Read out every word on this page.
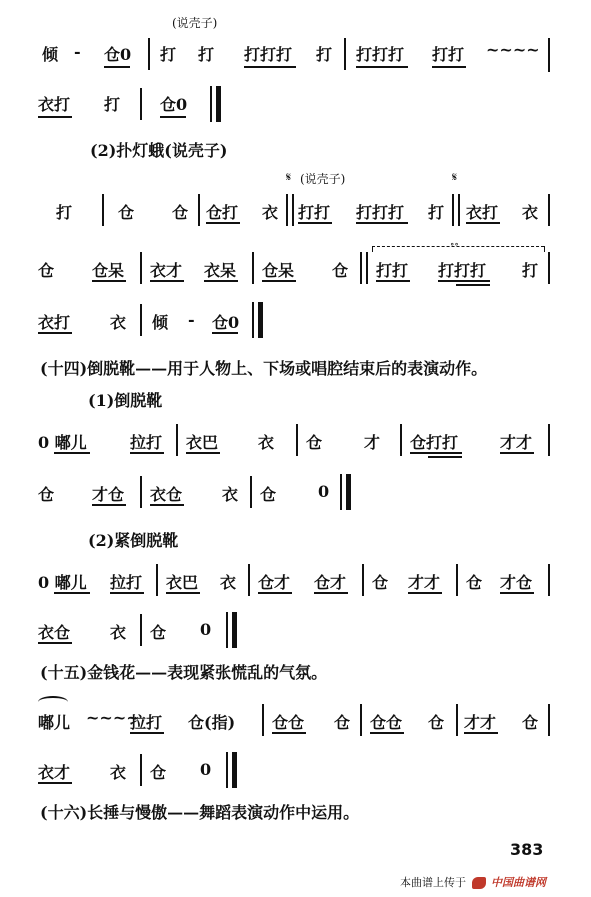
(说壳子)
倾 - 仓0 打 打 打打打 打 打打打 打打 ~~~~
衣打 打 仓0
(2)扑灯蛾(说壳子)
𝄋 (说壳子)	𝄋
打	仓 仓 仓打 衣 打打 打打打 打 衣打 衣
仓 仓呆 衣才 衣呆 仓呆 仓
∘∘
打打 打打打 打
衣打 衣 倾 - 仓0
(十四)倒脱靴——用于人物上、下场或唱腔结束后的表演动作。
(1)倒脱靴
0 嘟儿	拉打 衣巴 衣 仓	才 仓打打	才才
仓 才仓 衣仓 衣 仓	0
(2)紧倒脱靴
0 嘟儿 拉打 衣巴 衣 仓才 仓才 仓 才才 仓 才仓
衣仓 衣 仓 0
(十五)金钱花——表现紧张慌乱的气氛。
嘟儿 ~~~~
拉打 仓(指) 仓仓 仓 仓仓 仓 才才 仓
衣才 衣 仓 0
(十六)长捶与慢傲——舞蹈表演动作中运用。
383
本曲谱上传于 中国曲谱网
